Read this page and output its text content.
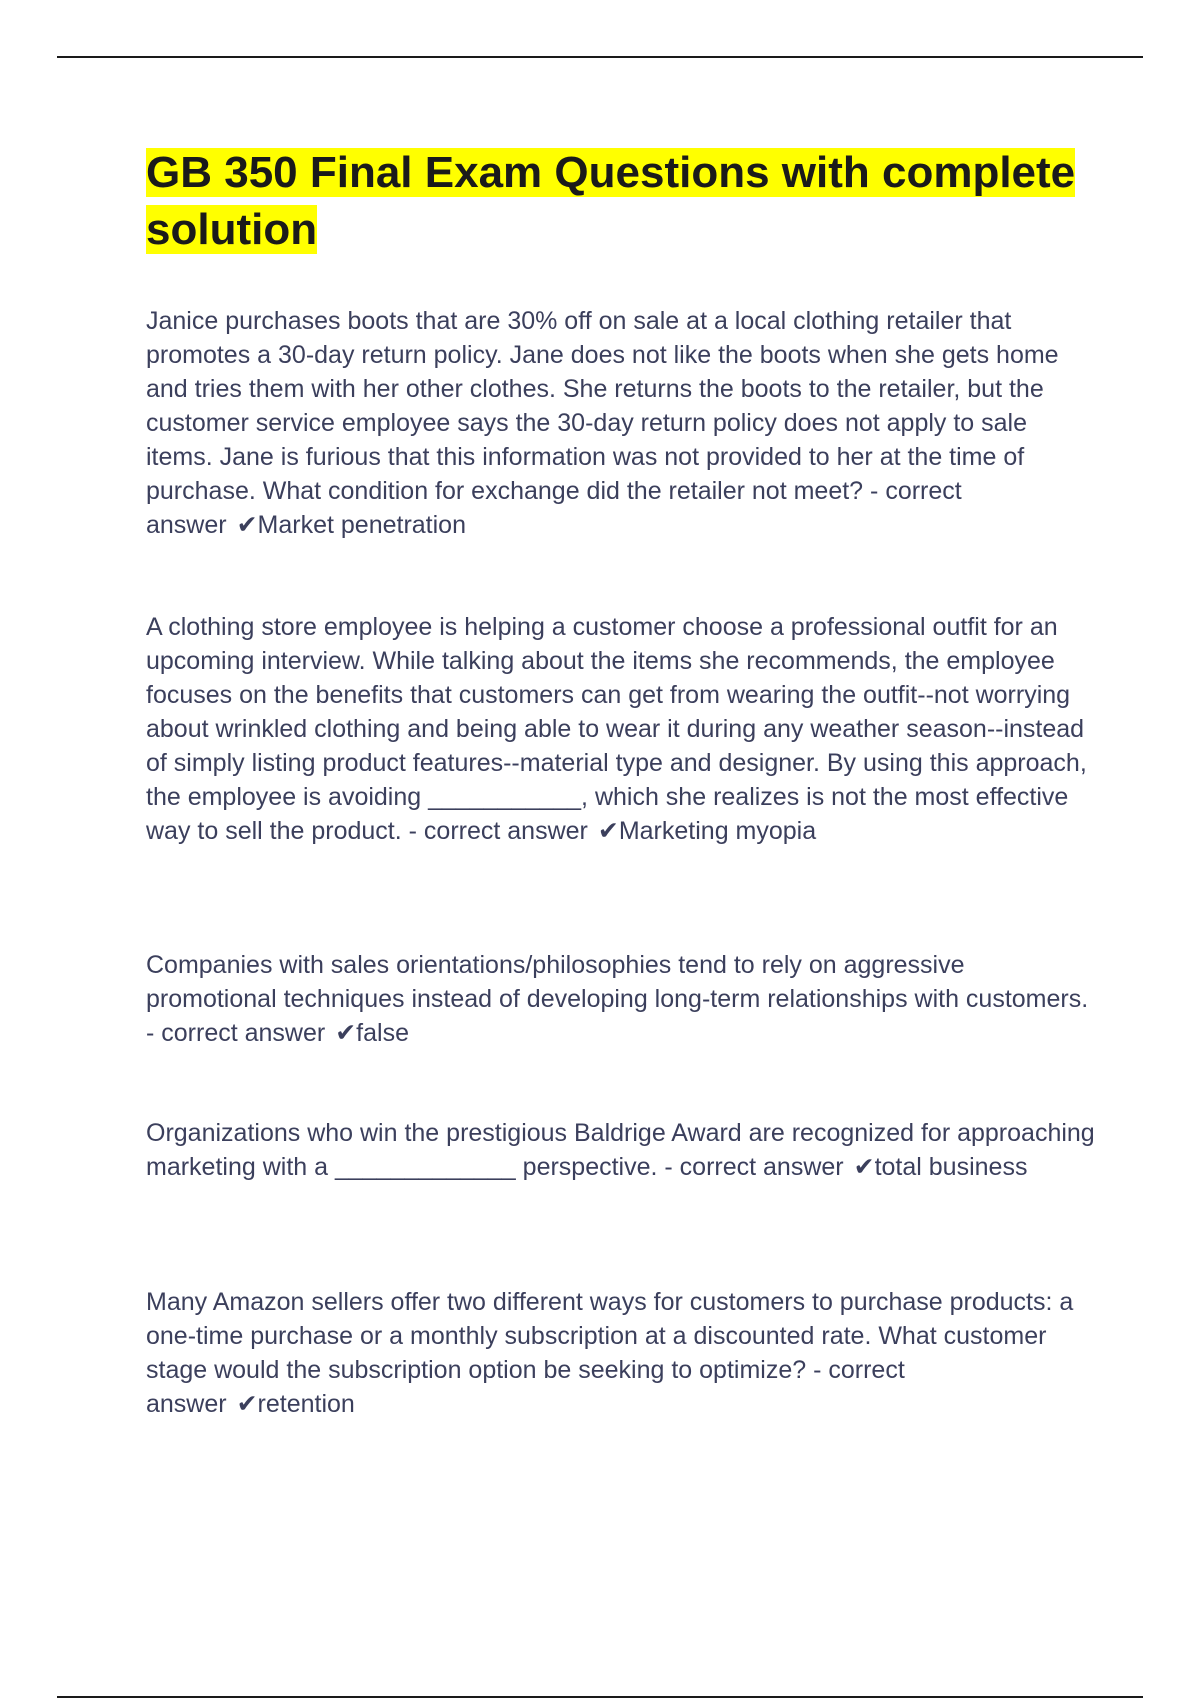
GB 350 Final Exam Questions with complete solution

Janice purchases boots that are 30% off on sale at a local clothing retailer that promotes a 30-day return policy. Jane does not like the boots when she gets home and tries them with her other clothes. She returns the boots to the retailer, but the customer service employee says the 30-day return policy does not apply to sale items. Jane is furious that this information was not provided to her at the time of purchase. What condition for exchange did the retailer not meet? - correct answer ✔Market penetration

A clothing store employee is helping a customer choose a professional outfit for an upcoming interview. While talking about the items she recommends, the employee focuses on the benefits that customers can get from wearing the outfit--not worrying about wrinkled clothing and being able to wear it during any weather season--instead of simply listing product features--material type and designer. By using this approach, the employee is avoiding ___________, which she realizes is not the most effective way to sell the product. - correct answer ✔Marketing myopia

Companies with sales orientations/philosophies tend to rely on aggressive promotional techniques instead of developing long-term relationships with customers. - correct answer ✔false

Organizations who win the prestigious Baldrige Award are recognized for approaching marketing with a _____________ perspective. - correct answer ✔total business

Many Amazon sellers offer two different ways for customers to purchase products: a one-time purchase or a monthly subscription at a discounted rate. What customer stage would the subscription option be seeking to optimize? - correct answer ✔retention
